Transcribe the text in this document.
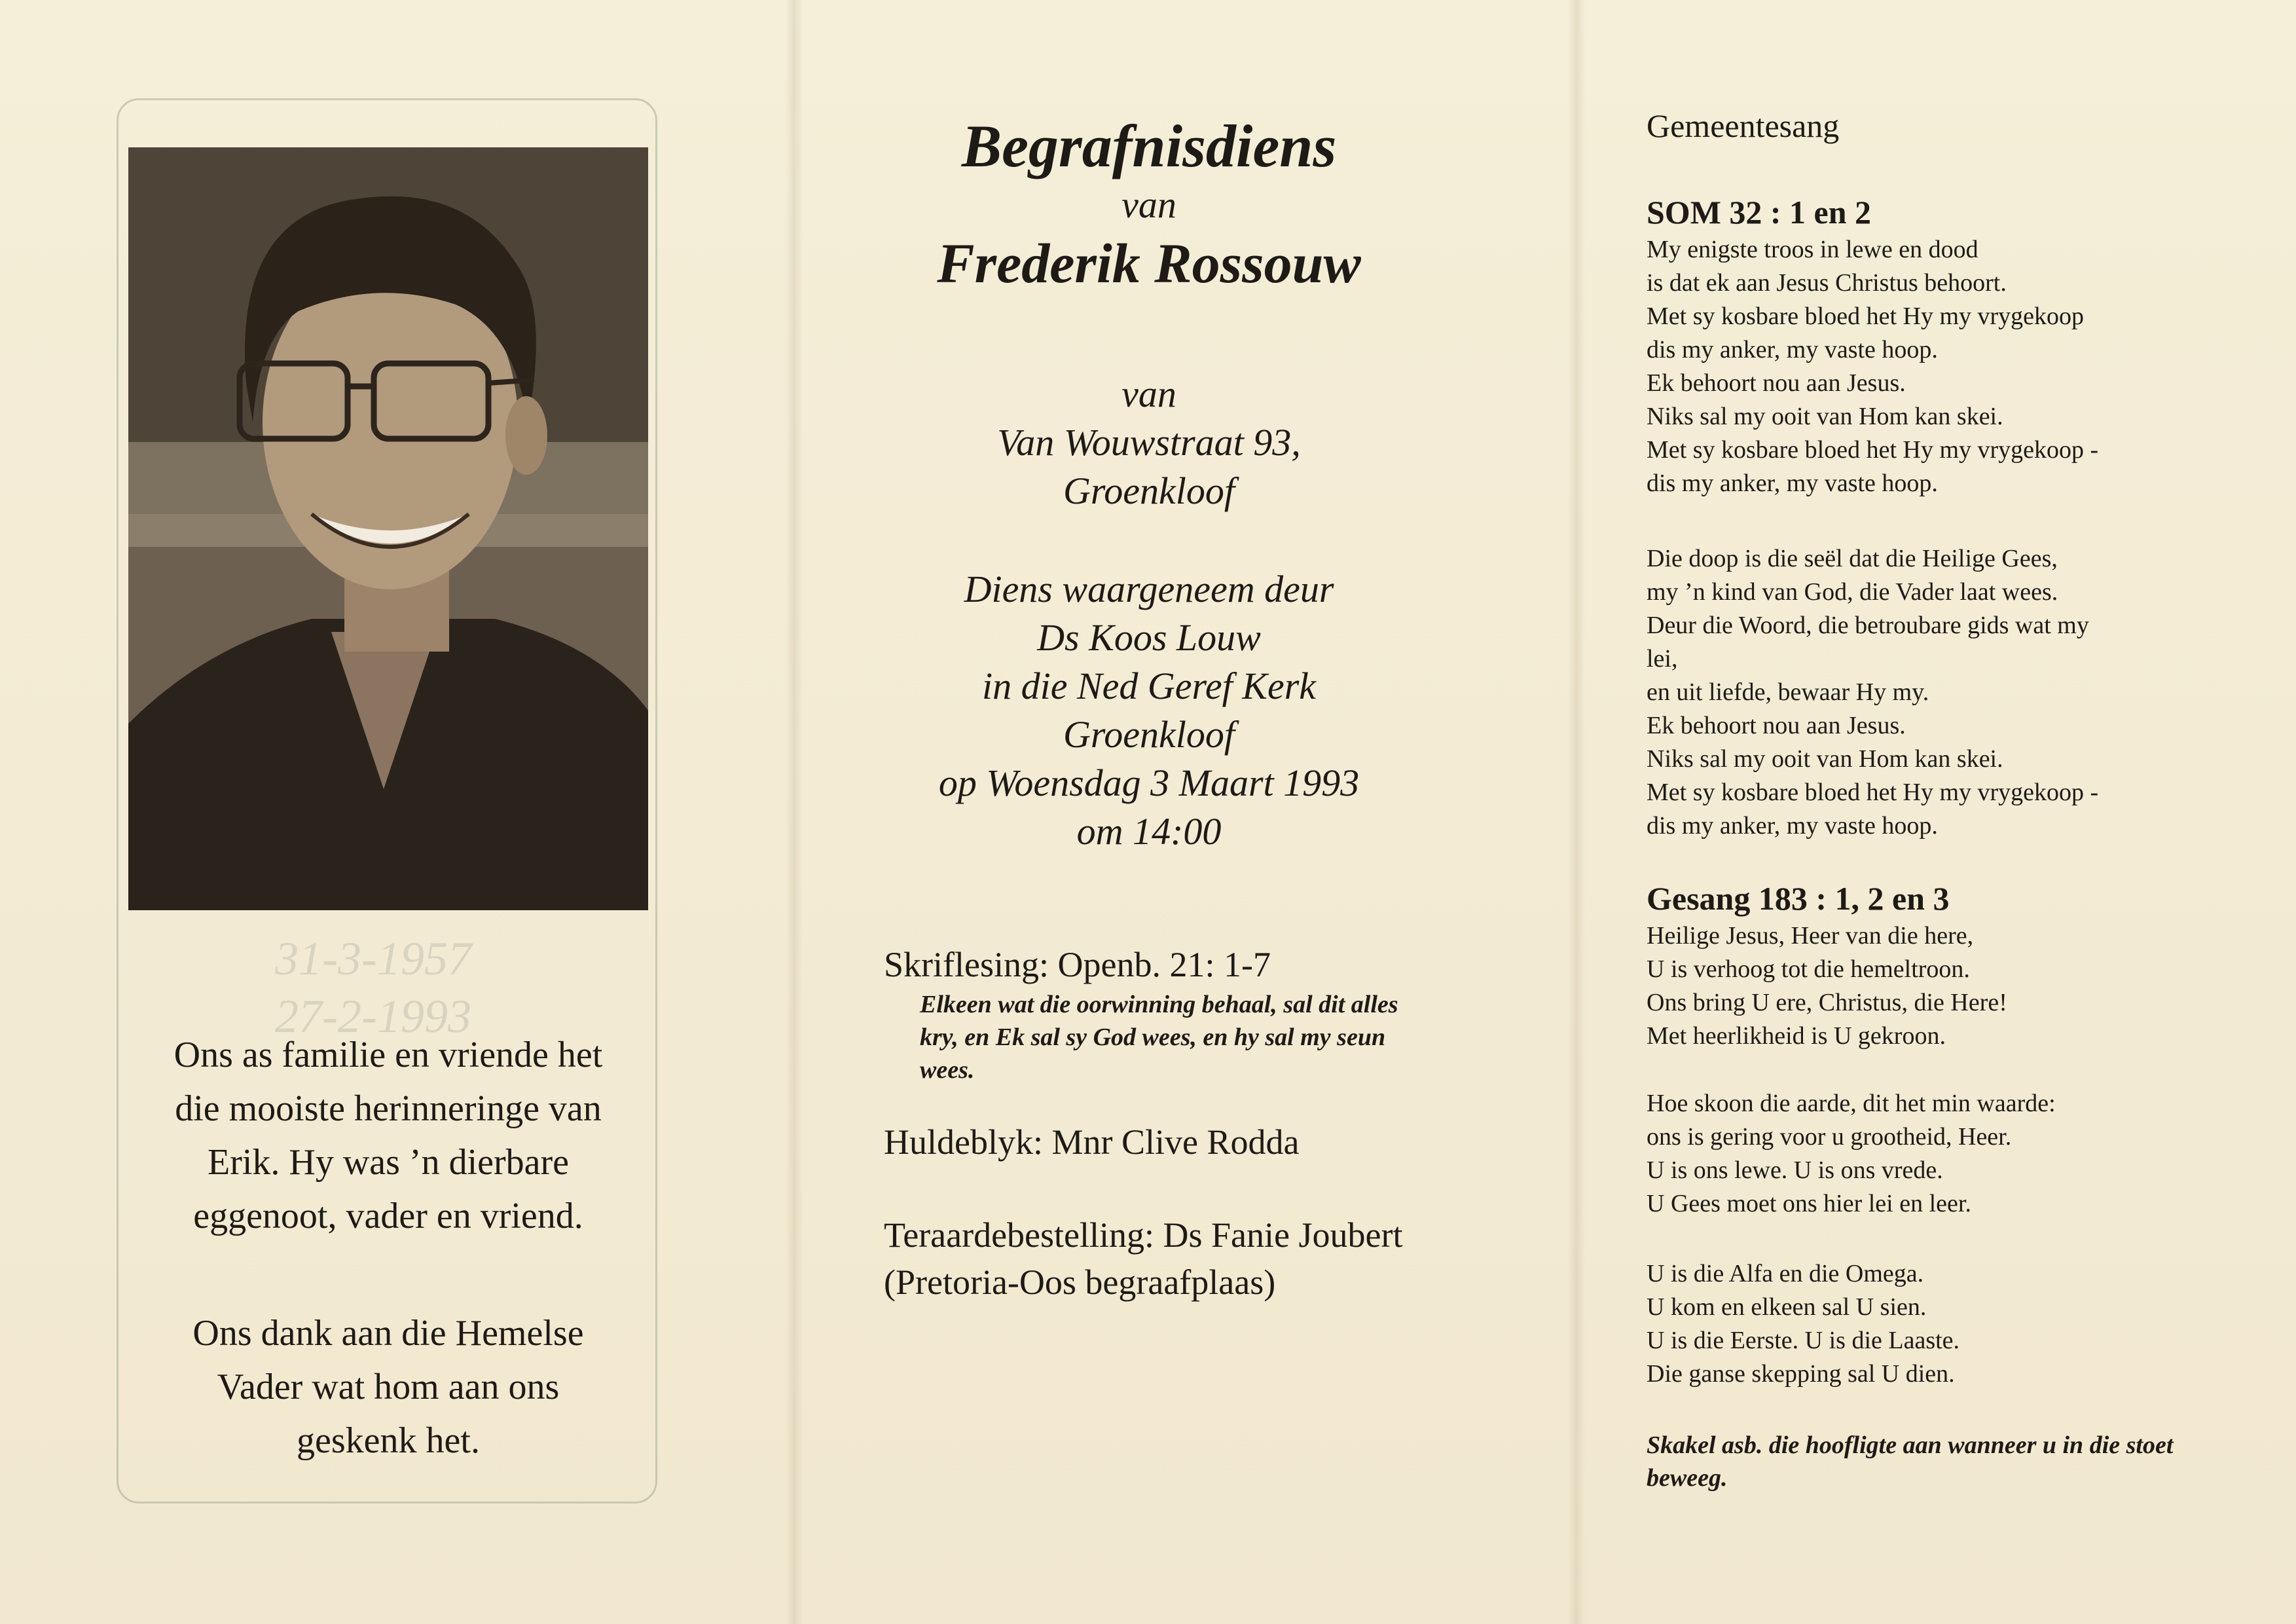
31-3-1957
27-2-1993
Ons as familie en vriende het
die mooiste herinneringe van
Erik. Hy was ’n dierbare
eggenoot, vader en vriend.
Ons dank aan die Hemelse
Vader wat hom aan ons
geskenk het.
Begrafnisdiens
van
Frederik Rossouw
van
Van Wouwstraat 93,
Groenkloof
Diens waargeneem deur
Ds Koos Louw
in die Ned Geref Kerk
Groenkloof
op Woensdag 3 Maart 1993
om 14:00
Skriflesing: Openb. 21: 1-7
Elkeen wat die oorwinning behaal, sal dit alles kry, en Ek sal sy God wees, en hy sal my seun wees.
Huldeblyk: Mnr Clive Rodda
Teraardebestelling: Ds Fanie Joubert
(Pretoria-Oos begraafplaas)
Gemeentesang
SOM 32 : 1 en 2
My enigste troos in lewe en dood
is dat ek aan Jesus Christus behoort.
Met sy kosbare bloed het Hy my vrygekoop
dis my anker, my vaste hoop.
Ek behoort nou aan Jesus.
Niks sal my ooit van Hom kan skei.
Met sy kosbare bloed het Hy my vrygekoop -
dis my anker, my vaste hoop.
Die doop is die seël dat die Heilige Gees,
my ’n kind van God, die Vader laat wees.
Deur die Woord, die betroubare gids wat my
lei,
en uit liefde, bewaar Hy my.
Ek behoort nou aan Jesus.
Niks sal my ooit van Hom kan skei.
Met sy kosbare bloed het Hy my vrygekoop -
dis my anker, my vaste hoop.
Gesang 183 : 1, 2 en 3
Heilige Jesus, Heer van die here,
U is verhoog tot die hemeltroon.
Ons bring U ere, Christus, die Here!
Met heerlikheid is U gekroon.
Hoe skoon die aarde, dit het min waarde:
ons is gering voor u grootheid, Heer.
U is ons lewe. U is ons vrede.
U Gees moet ons hier lei en leer.
U is die Alfa en die Omega.
U kom en elkeen sal U sien.
U is die Eerste. U is die Laaste.
Die ganse skepping sal U dien.
Skakel asb. die hoofligte aan wanneer u in die stoet beweeg.
